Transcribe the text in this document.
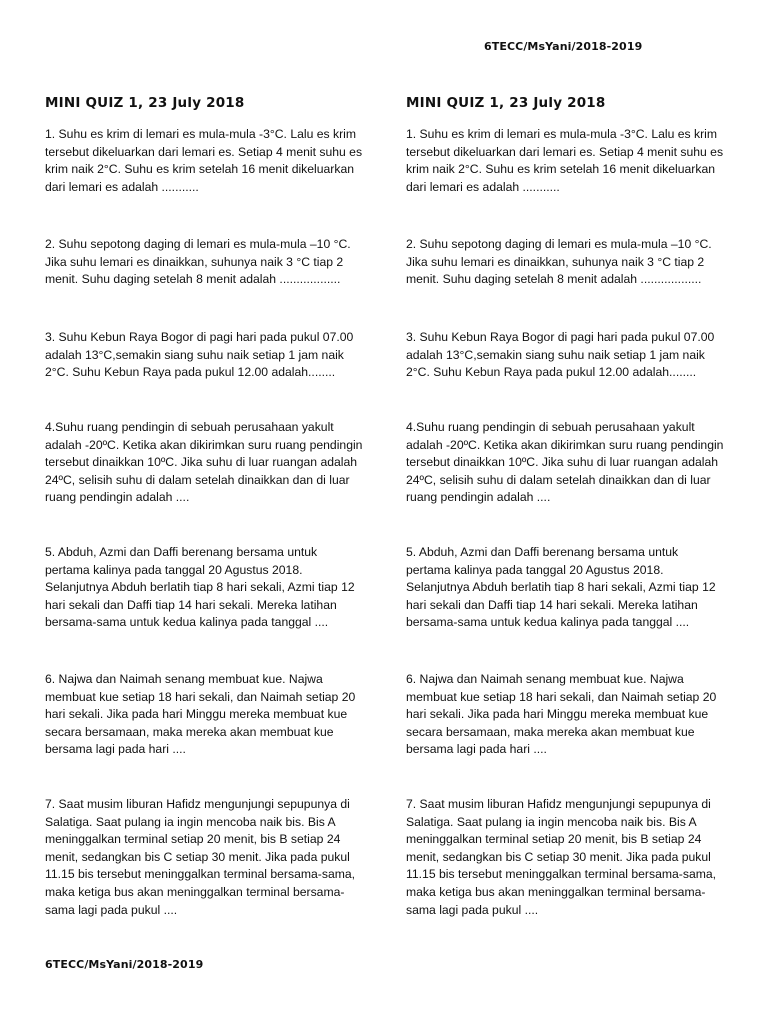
6TECC/MsYani/2018-2019
MINI QUIZ 1, 23 July 2018

1. Suhu es krim di lemari es mula-mula -3°C. Lalu es krim tersebut dikeluarkan dari lemari es. Setiap 4 menit suhu es krim naik 2°C. Suhu es krim setelah 16 menit dikeluarkan dari lemari es adalah ...........

2. Suhu sepotong daging di lemari es mula-mula –10 °C. Jika suhu lemari es dinaikkan, suhunya naik 3 °C tiap 2 menit. Suhu daging setelah 8 menit adalah ..................

3. Suhu Kebun Raya Bogor di pagi hari pada pukul 07.00 adalah 13°C,semakin siang suhu naik setiap 1 jam naik 2°C. Suhu Kebun Raya pada pukul 12.00 adalah........

4.Suhu ruang pendingin di sebuah perusahaan yakult adalah -20ºC. Ketika akan dikirimkan suru ruang pendingin tersebut dinaikkan 10ºC. Jika suhu di luar ruangan adalah 24ºC, selisih suhu di dalam setelah dinaikkan dan di luar ruang pendingin adalah ....

5. Abduh, Azmi dan Daffi berenang bersama untuk pertama kalinya pada tanggal 20 Agustus 2018. Selanjutnya Abduh berlatih tiap 8 hari sekali, Azmi tiap 12 hari sekali dan Daffi tiap 14 hari sekali. Mereka latihan bersama-sama untuk kedua kalinya pada tanggal ....

6. Najwa dan Naimah senang membuat kue. Najwa membuat kue setiap 18 hari sekali, dan Naimah setiap 20 hari sekali. Jika pada hari Minggu mereka membuat kue secara bersamaan, maka mereka akan membuat kue bersama lagi pada hari ....

7. Saat musim liburan Hafidz mengunjungi sepupunya di Salatiga. Saat pulang ia ingin mencoba naik bis. Bis A meninggalkan terminal setiap 20 menit, bis B setiap 24 menit, sedangkan bis C setiap 30 menit. Jika pada pukul 11.15 bis tersebut meninggalkan terminal bersama-sama, maka ketiga bus akan meninggalkan terminal bersama-sama lagi pada pukul ....

MINI QUIZ 1, 23 July 2018

1. Suhu es krim di lemari es mula-mula -3°C. Lalu es krim tersebut dikeluarkan dari lemari es. Setiap 4 menit suhu es krim naik 2°C. Suhu es krim setelah 16 menit dikeluarkan dari lemari es adalah ...........

2. Suhu sepotong daging di lemari es mula-mula –10 °C. Jika suhu lemari es dinaikkan, suhunya naik 3 °C tiap 2 menit. Suhu daging setelah 8 menit adalah ..................

3. Suhu Kebun Raya Bogor di pagi hari pada pukul 07.00 adalah 13°C,semakin siang suhu naik setiap 1 jam naik 2°C. Suhu Kebun Raya pada pukul 12.00 adalah........

4.Suhu ruang pendingin di sebuah perusahaan yakult adalah -20ºC. Ketika akan dikirimkan suru ruang pendingin tersebut dinaikkan 10ºC. Jika suhu di luar ruangan adalah 24ºC, selisih suhu di dalam setelah dinaikkan dan di luar ruang pendingin adalah ....

5. Abduh, Azmi dan Daffi berenang bersama untuk pertama kalinya pada tanggal 20 Agustus 2018. Selanjutnya Abduh berlatih tiap 8 hari sekali, Azmi tiap 12 hari sekali dan Daffi tiap 14 hari sekali. Mereka latihan bersama-sama untuk kedua kalinya pada tanggal ....

6. Najwa dan Naimah senang membuat kue. Najwa membuat kue setiap 18 hari sekali, dan Naimah setiap 20 hari sekali. Jika pada hari Minggu mereka membuat kue secara bersamaan, maka mereka akan membuat kue bersama lagi pada hari ....

7. Saat musim liburan Hafidz mengunjungi sepupunya di Salatiga. Saat pulang ia ingin mencoba naik bis. Bis A meninggalkan terminal setiap 20 menit, bis B setiap 24 menit, sedangkan bis C setiap 30 menit. Jika pada pukul 11.15 bis tersebut meninggalkan terminal bersama-sama, maka ketiga bus akan meninggalkan terminal bersama-sama lagi pada pukul ....

6TECC/MsYani/2018-2019
